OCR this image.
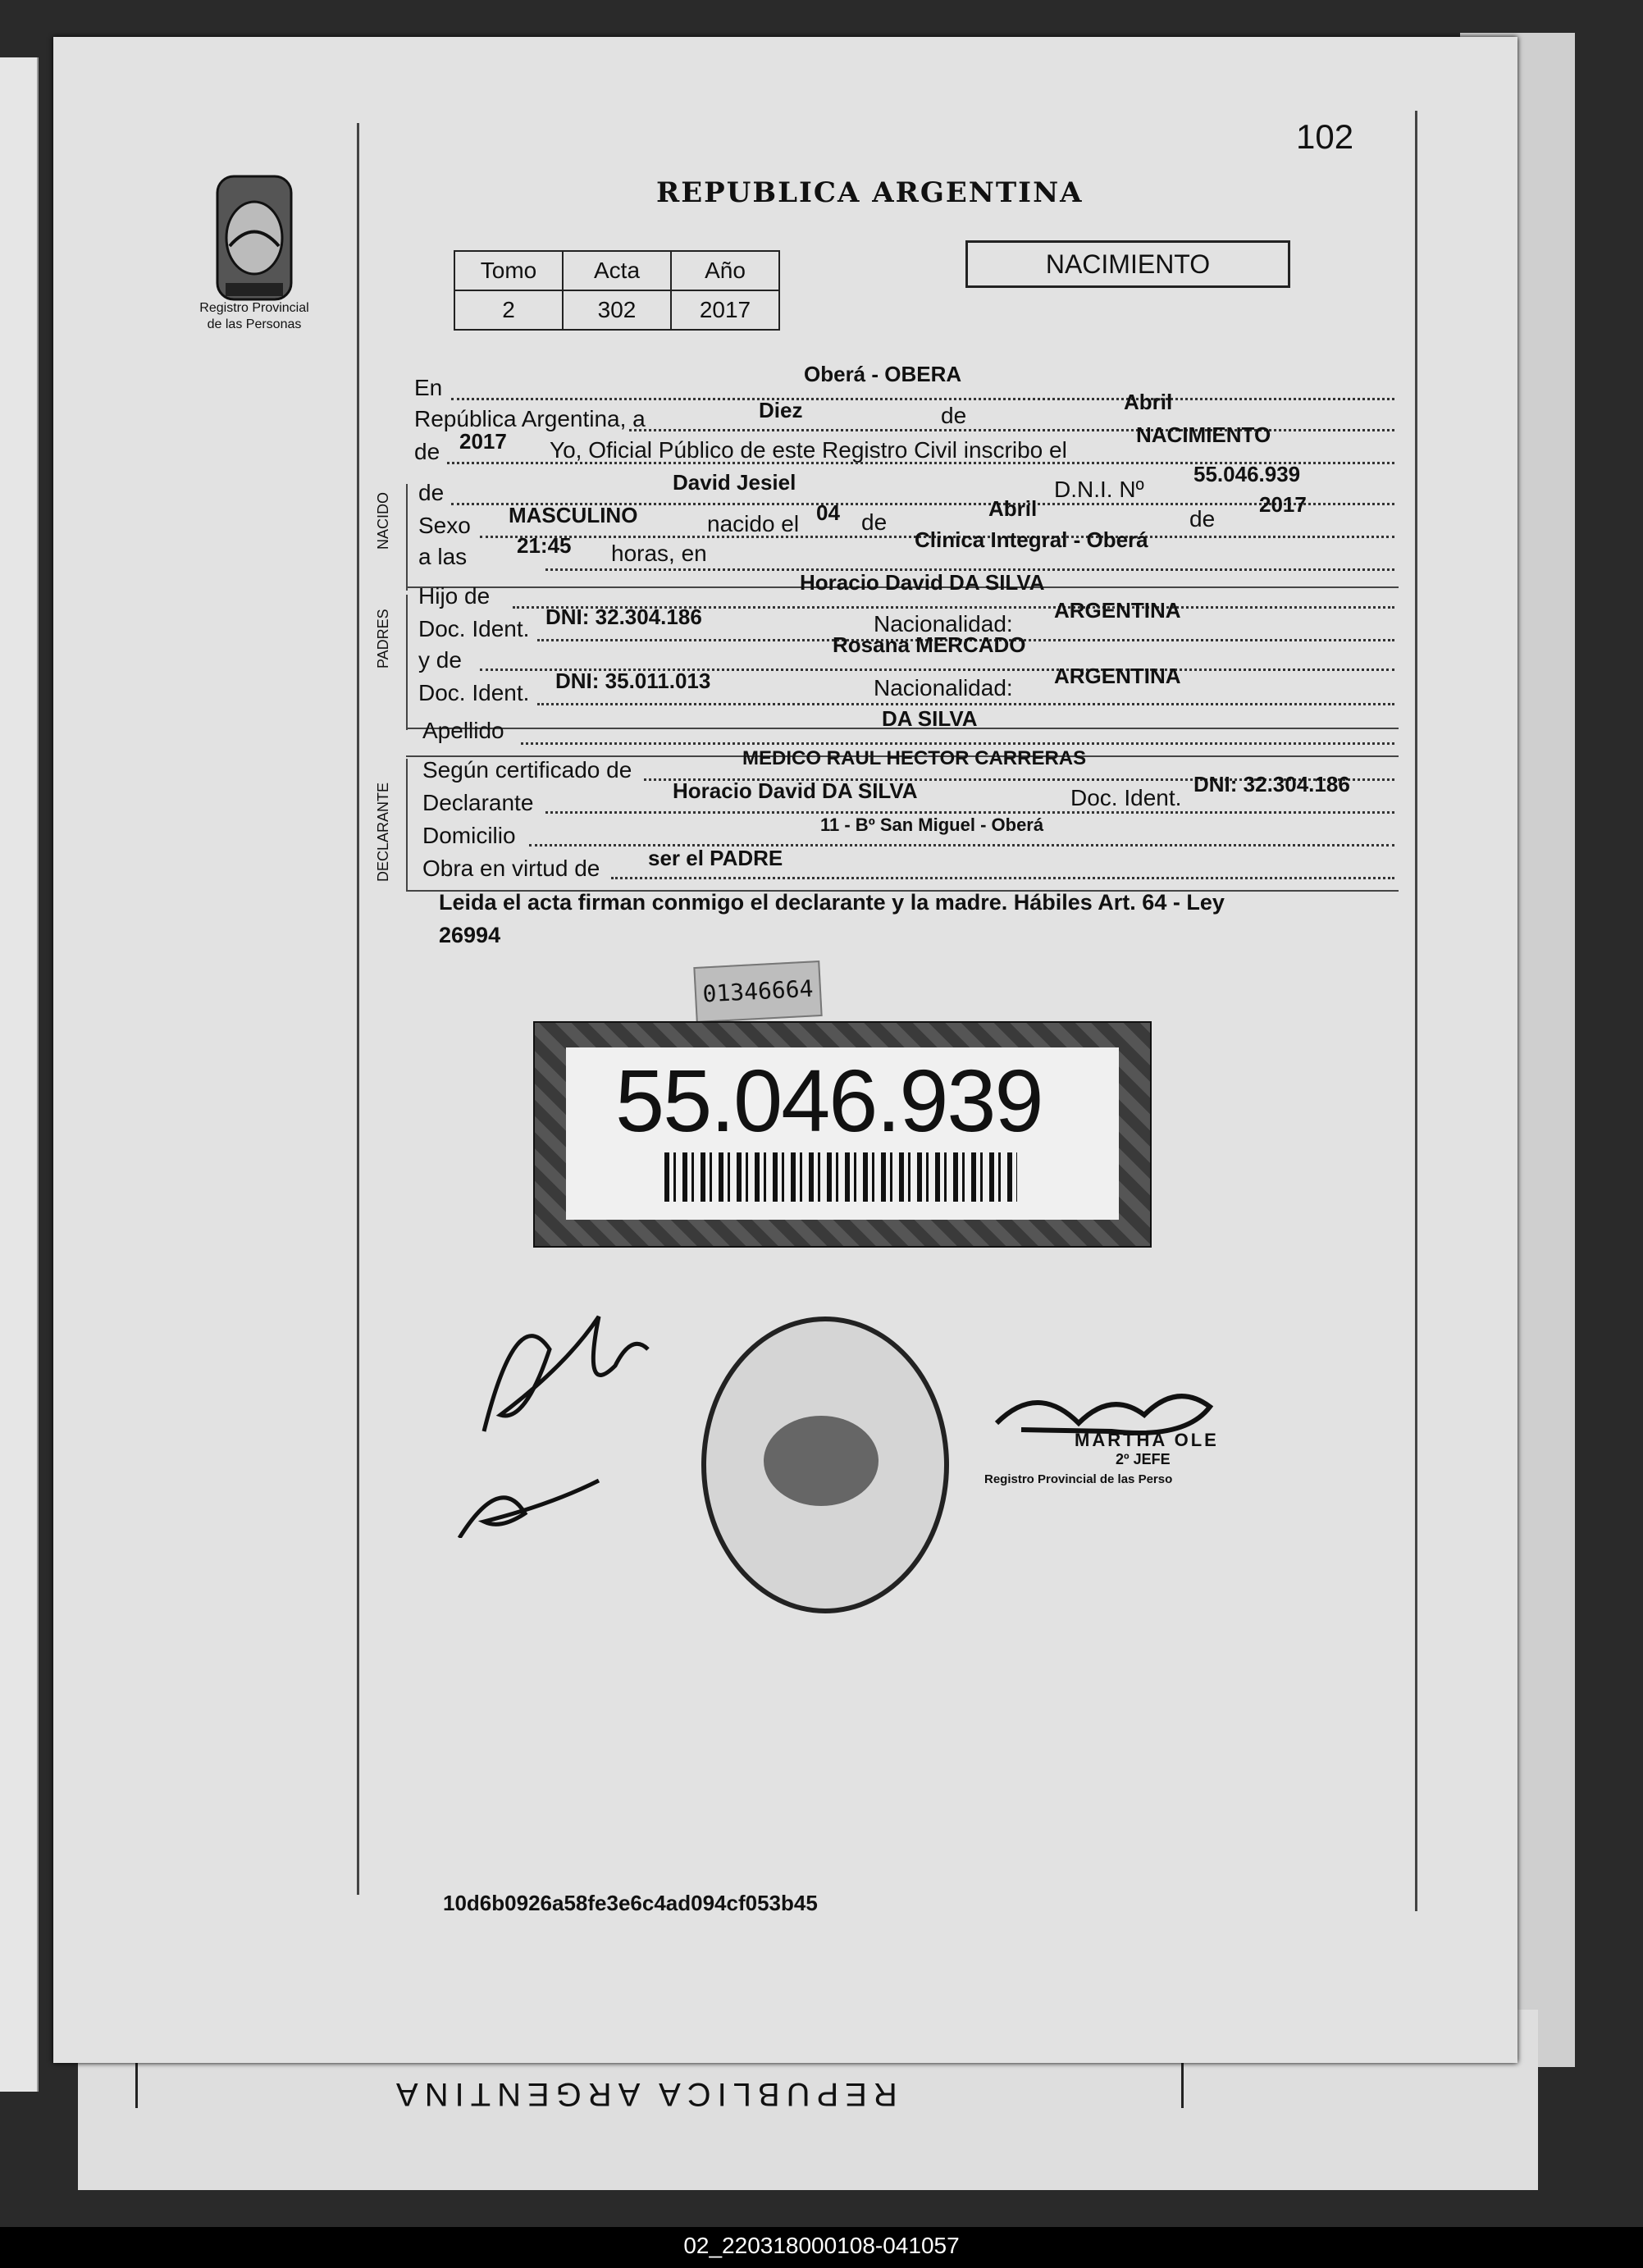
REPUBLICA ARGENTINA
102
Registro Provincial
de las Personas
REPUBLICA ARGENTINA
Tomo	Acta	Año
2	302	2017
NACIMIENTO
En
Oberá - OBERA
República Argentina, a	Diez	de
Abril
de 2017 Yo, Oficial Público de este Registro Civil inscribo el
NACIMIENTO
NACIDO de	David Jesiel	D.N.I. Nº
55.046.939
Sexo MASCULINO	nacido el 04 de
Abril	de
2017
a las 21:45 horas, en
Clinica Integral - Oberá
PADRES
Hijo de
Horacio David DA SILVA
Doc. Ident. DNI: 32.304.186	Nacionalidad:
ARGENTINA
y de
Rosana MERCADO
Doc. Ident. DNI: 35.011.013	Nacionalidad: ARGENTINA
Apellido	DA SILVA
DECLARANTE
Según certificado de	MEDICO RAUL HECTOR CARRERAS
Declarante	Horacio David DA SILVA	Doc. Ident.
DNI: 32.304.186
Domicilio	11 - Bº San Miguel - Oberá
Obra en virtud de ser el PADRE
Leida el acta firman conmigo el declarante y la madre. Hábiles Art. 64 - Ley
26994
01346664
55.046.939
MARTHA OLE
2º JEFE
Registro Provincial de las Perso
10d6b0926a58fe3e6c4ad094cf053b45
02_220318000108-041057
